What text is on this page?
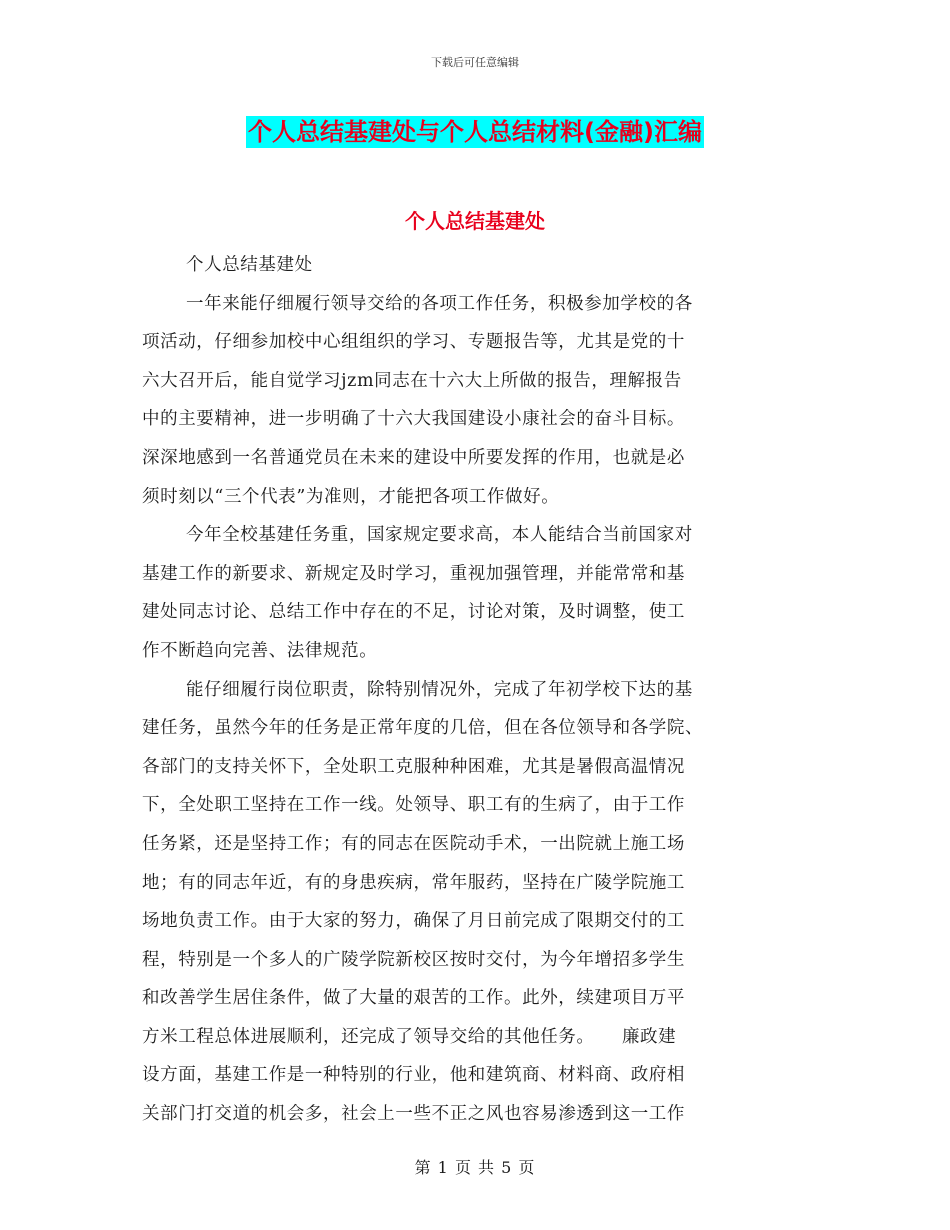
下载后可任意编辑
个人总结基建处与个人总结材料(金融)汇编
个人总结基建处
个人总结基建处
一年来能仔细履行领导交给的各项工作任务，积极参加学校的各
项活动，仔细参加校中心组组织的学习、专题报告等，尤其是党的十
六大召开后，能自觉学习jzm同志在十六大上所做的报告，理解报告
中的主要精神，进一步明确了十六大我国建设小康社会的奋斗目标。
深深地感到一名普通党员在未来的建设中所要发挥的作用，也就是必
须时刻以“三个代表”为准则，才能把各项工作做好。
今年全校基建任务重，国家规定要求高，本人能结合当前国家对
基建工作的新要求、新规定及时学习，重视加强管理，并能常常和基
建处同志讨论、总结工作中存在的不足，讨论对策，及时调整，使工
作不断趋向完善、法律规范。
能仔细履行岗位职责，除特别情况外，完成了年初学校下达的基
建任务，虽然今年的任务是正常年度的几倍，但在各位领导和各学院、
各部门的支持关怀下，全处职工克服种种困难，尤其是暑假高温情况
下，全处职工坚持在工作一线。处领导、职工有的生病了，由于工作
任务紧，还是坚持工作；有的同志在医院动手术，一出院就上施工场
地；有的同志年近，有的身患疾病，常年服药，坚持在广陵学院施工
场地负责工作。由于大家的努力，确保了月日前完成了限期交付的工
程，特别是一个多人的广陵学院新校区按时交付，为今年增招多学生
和改善学生居住条件，做了大量的艰苦的工作。此外，续建项目万平
方米工程总体进展顺利，还完成了领导交给的其他任务。　　廉政建
设方面，基建工作是一种特别的行业，他和建筑商、材料商、政府相
关部门打交道的机会多，社会上一些不正之风也容易渗透到这一工作
第 1 页 共 5 页
